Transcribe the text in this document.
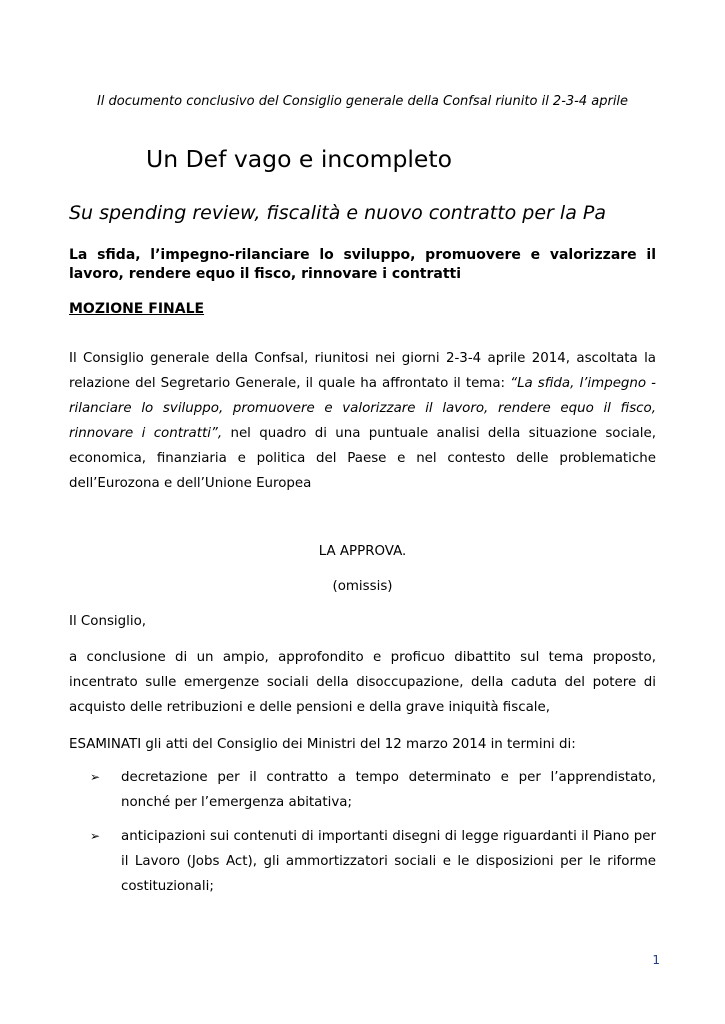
Il documento conclusivo del Consiglio generale della Confsal riunito il 2-3-4 aprile
Un Def vago e incompleto
Su spending review, fiscalità e nuovo contratto per la Pa
La sfida, l’impegno-rilanciare lo sviluppo, promuovere e valorizzare il lavoro, rendere equo il fisco, rinnovare i contratti
MOZIONE FINALE
Il Consiglio generale della Confsal, riunitosi nei giorni 2-3-4 aprile 2014, ascoltata la relazione del Segretario Generale, il quale ha affrontato il tema: “La sfida, l’impegno - rilanciare lo sviluppo, promuovere e valorizzare il lavoro, rendere equo il fisco, rinnovare i contratti”, nel quadro di una puntuale analisi della situazione sociale, economica, finanziaria e politica del Paese e nel contesto delle problematiche dell’Eurozona e dell’Unione Europea
LA APPROVA.
(omissis)
Il Consiglio,
a conclusione di un ampio, approfondito e proficuo dibattito sul tema proposto, incentrato sulle emergenze sociali della disoccupazione, della caduta del potere di acquisto delle retribuzioni e delle pensioni e della grave iniquità fiscale,
ESAMINATI gli atti del Consiglio dei Ministri del 12 marzo 2014 in termini di:
➢ decretazione per il contratto a tempo determinato e per l’apprendistato, nonché per l’emergenza abitativa;
➢ anticipazioni sui contenuti di importanti disegni di legge riguardanti il Piano per il Lavoro (Jobs Act), gli ammortizzatori sociali e le disposizioni per le riforme costituzionali;
1
